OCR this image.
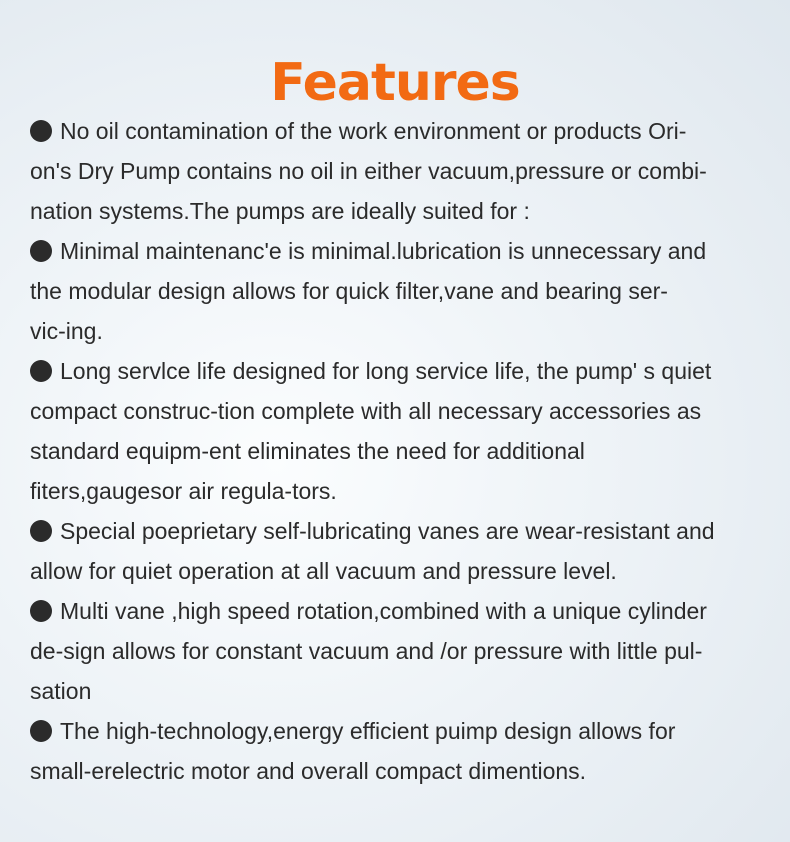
Features
No oil contamination of the work environment or products Ori-
on's Dry Pump contains no oil in either vacuum,pressure or combi-
nation systems.The pumps are ideally suited for :
Minimal maintenanc'e is minimal.lubrication is unnecessary and
the modular design allows for quick filter,vane and bearing ser-
vic-ing.
Long servlce life designed for long service life, the pump' s quiet
compact construc-tion complete with all necessary accessories as
standard equipm-ent eliminates the need for additional
fiters,gaugesor air regula-tors.
Special poeprietary self-lubricating vanes are wear-resistant and
allow for quiet operation at all vacuum and pressure level.
Multi vane ,high speed rotation,combined with a unique cylinder
de-sign allows for constant vacuum and /or pressure with little pul-
sation
The high-technology,energy efficient puimp design allows for
small-erelectric motor and overall compact dimentions.
